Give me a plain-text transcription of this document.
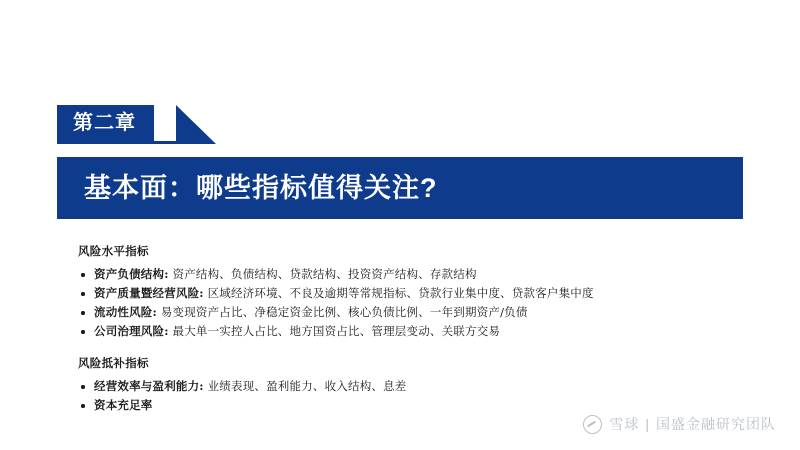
第二章
基本面：哪些指标值得关注?
风险水平指标
资产负债结构: 资产结构、负债结构、贷款结构、投资资产结构、存款结构
资产质量暨经营风险: 区域经济环境、不良及逾期等常规指标、贷款行业集中度、贷款客户集中度
流动性风险: 易变现资产占比、净稳定资金比例、核心负债比例、一年到期资产/负债
公司治理风险: 最大单一实控人占比、地方国资占比、管理层变动、关联方交易
风险抵补指标
经营效率与盈利能力: 业绩表现、盈利能力、收入结构、息差
资本充足率
雪球 | 国盛金融研究团队
